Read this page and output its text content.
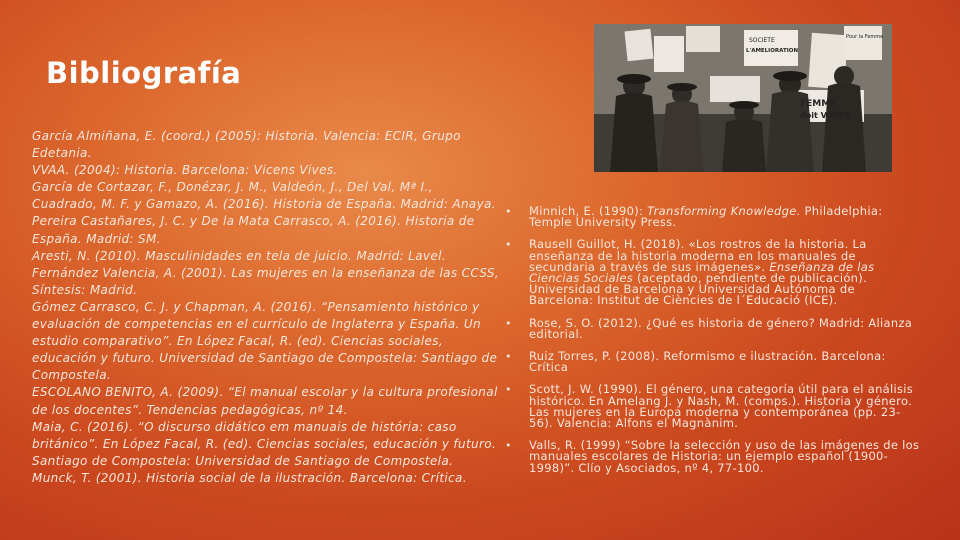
Bibliografía
García Almiñana, E. (coord.) (2005): Historia. Valencia: ECIR, Grupo Edetania.
VVAA. (2004): Historia. Barcelona: Vicens Vives.
García de Cortazar, F., Donézar, J. M., Valdeón, J., Del Val, Mª I., Cuadrado, M. F. y Gamazo, A. (2016). Historia de España. Madrid: Anaya.
Pereira Castañares, J. C. y De la Mata Carrasco, A. (2016). Historia de España. Madrid: SM.
Aresti, N. (2010). Masculinidades en tela de juicio. Madrid: Lavel.
Fernández Valencia, A. (2001). Las mujeres en la enseñanza de las CCSS, Síntesis: Madrid.
Gómez Carrasco, C. J. y Chapman, A. (2016). “Pensamiento histórico y evaluación de competencias en el currículo de Inglaterra y España. Un estudio comparativo”. En López Facal, R. (ed). Ciencias sociales, educación y futuro. Universidad de Santiago de Compostela: Santiago de Compostela.
ESCOLANO BENITO, A. (2009). “El manual escolar y la cultura profesional de los docentes”. Tendencias pedagógicas, nº 14.
Maia, C. (2016). “O discurso didático em manuais de história: caso británico”. En López Facal, R. (ed). Ciencias sociales, educación y futuro. Santiago de Compostela: Universidad de Santiago de Compostela.
Munck, T. (2001). Historia social de la ilustración. Barcelona: Crítica.
• Minnich, E. (1990): Transforming Knowledge. Philadelphia: Temple University Press.
• Rausell Guillot, H. (2018). «Los rostros de la historia. La enseñanza de la historia moderna en los manuales de secundaria a través de sus imágenes». Enseñanza de las Ciencias Sociales (aceptado, pendiente de publicación). Universidad de Barcelona y Universidad Autónoma de Barcelona: Institut de Ciències de l´Educació (ICE).
• Rose, S. O. (2012). ¿Qué es historia de género? Madrid: Alianza editorial.
• Ruiz Torres, P. (2008). Reformismo e ilustración. Barcelona: Crítica
• Scott, J. W. (1990). El género, una categoría útil para el análisis histórico. En Amelang J. y Nash, M. (comps.). Historia y género. Las mujeres en la Europa moderna y contemporánea (pp. 23-56). Valencia: Alfons el Magnànim.
• Valls, R. (1999) “Sobre la selección y uso de las imágenes de los manuales escolares de Historia: un ejemplo español (1900-1998)”. Clío y Asociados, nº 4, 77-100.
SOCIETE
L'AMELIORATION
Pour la Femme
FEMME
doit VOTER
